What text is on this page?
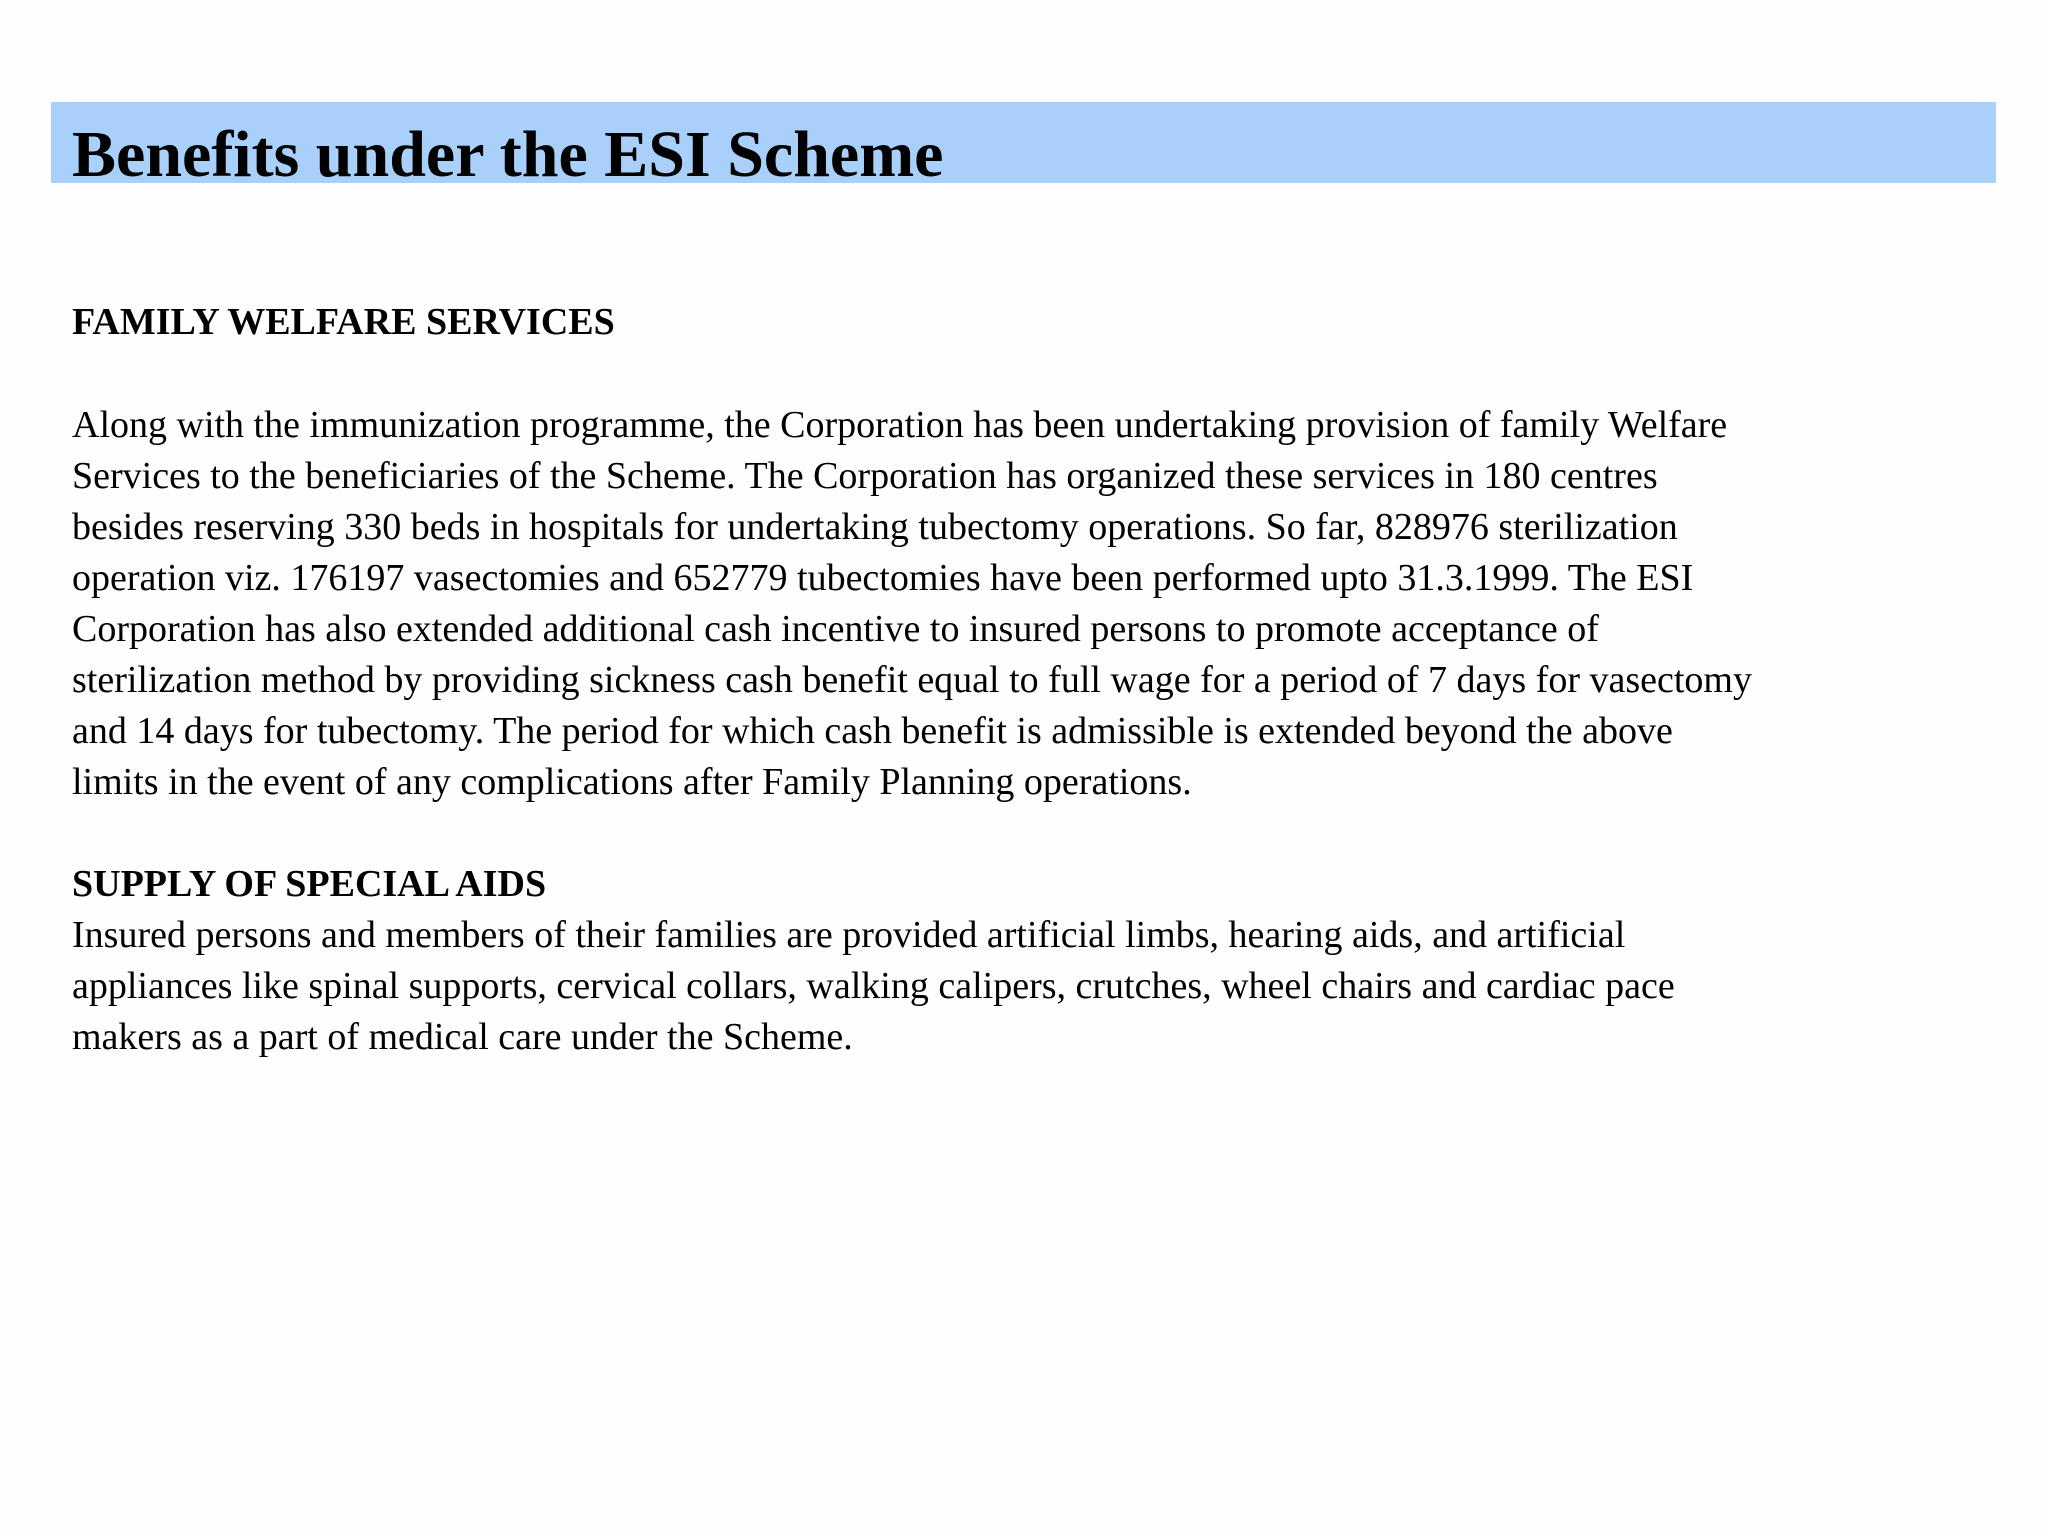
Benefits under the ESI Scheme
FAMILY WELFARE SERVICES
Along with the immunization programme, the Corporation has been undertaking provision of family Welfare
Services to the beneficiaries of the Scheme. The Corporation has organized these services in 180 centres
besides reserving 330 beds in hospitals for undertaking tubectomy operations. So far, 828976 sterilization
operation viz. 176197 vasectomies and 652779 tubectomies have been performed upto 31.3.1999. The ESI
Corporation has also extended additional cash incentive to insured persons to promote acceptance of
sterilization method by providing sickness cash benefit equal to full wage for a period of 7 days for vasectomy
and 14 days for tubectomy. The period for which cash benefit is admissible is extended beyond the above
limits in the event of any complications after Family Planning operations.
SUPPLY OF SPECIAL AIDS
Insured persons and members of their families are provided artificial limbs, hearing aids, and artificial
appliances like spinal supports, cervical collars, walking calipers, crutches, wheel chairs and cardiac pace
makers as a part of medical care under the Scheme.
